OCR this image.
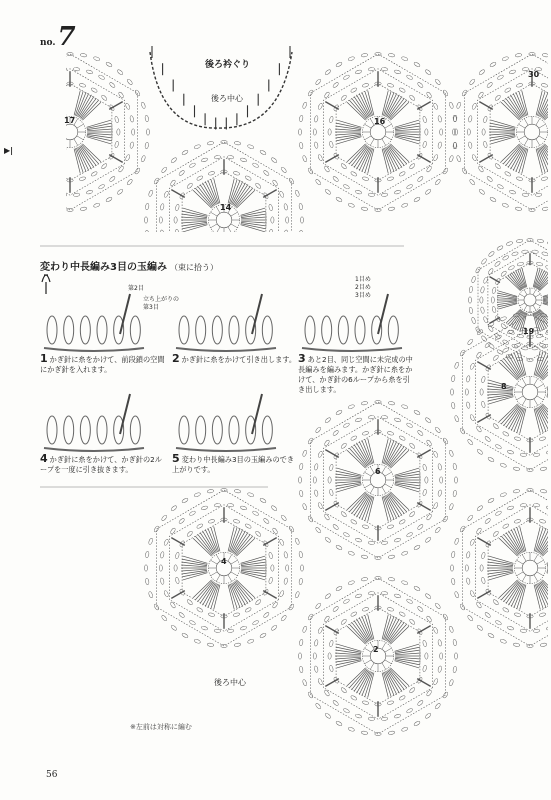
no.7
▶|
後ろ衿ぐり
後ろ中心
後ろ中心
16
14
17
30
19
8
6
4
2
変わり中長編み3目の玉編み （束に拾う）
第2目
立ち上がりの
第3目
1目め
2目め
3目め
1 かぎ針に糸をかけて、前段鎖の空間にかぎ針を入れます。
2 かぎ針に糸をかけて引き出します。 3 あと2目、同じ空間に未完成の中長編みを編みます。かぎ針に糸をかけて、かぎ針の6ループから糸を引き出します。
4 かぎ針に糸をかけて、かぎ針の2ループを一度に引き抜きます。
5 変わり中長編み3目の玉編みのでき上がりです。
※左前は対称に編む
56
